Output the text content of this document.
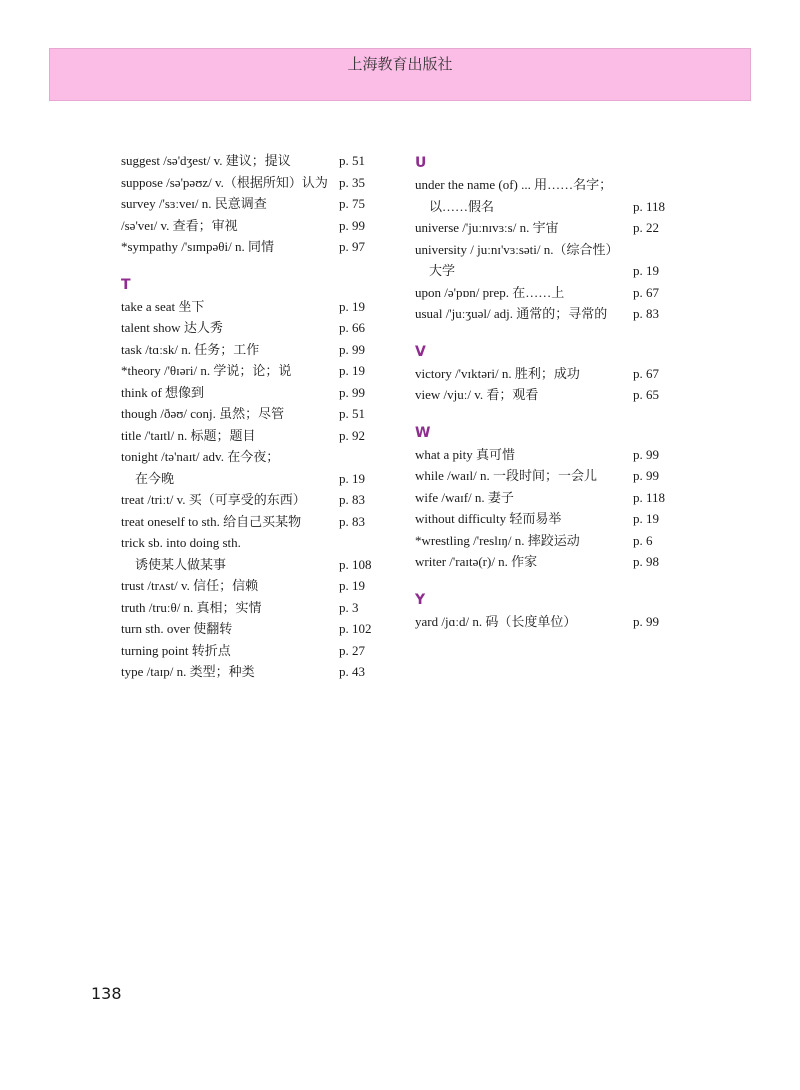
上海教育出版社
suggest /sə'dʒest/ v. 建议；提议	p. 51
suppose /sə'pəʊz/ v.（根据所知）认为 p. 35
survey /'sɜːveɪ/ n. 民意调查	p. 75
/sə'veɪ/ v. 查看；审视	p. 99
*sympathy /'sɪmpəθi/ n. 同情	p. 97
T
take a seat 坐下	p. 19
talent show 达人秀	p. 66
task /tɑːsk/ n. 任务；工作	p. 99
*theory /'θɪəri/ n. 学说；论；说	p. 19
think of 想像到	p. 99
though /ðəʊ/ conj. 虽然；尽管	p. 51
title /'taɪtl/ n. 标题；题目	p. 92
tonight /tə'naɪt/ adv. 在今夜；
在今晚	p. 19
treat /triːt/ v. 买（可享受的东西）	p. 83
treat oneself to sth. 给自己买某物	p. 83
trick sb. into doing sth.
诱使某人做某事	p. 108
trust /trʌst/ v. 信任；信赖	p. 19
truth /truːθ/ n. 真相；实情	p. 3
turn sth. over 使翻转	p. 102
turning point 转折点	p. 27
type /taɪp/ n. 类型；种类	p. 43
U
under the name (of) ... 用……名字；
以……假名	p. 118
universe /'juːnɪvɜːs/ n. 宇宙	p. 22
university / juːnɪ'vɜːsəti/ n.（综合性）
大学	p. 19
upon /ə'pɒn/ prep. 在……上	p. 67
usual /'juːʒuəl/ adj. 通常的；寻常的	p. 83
V
victory /'vɪktəri/ n. 胜利；成功	p. 67
view /vjuː/ v. 看；观看	p. 65
W
what a pity 真可惜	p. 99
while /waɪl/ n. 一段时间；一会儿	p. 99
wife /waɪf/ n. 妻子	p. 118
without difficulty 轻而易举	p. 19
*wrestling /'reslɪŋ/ n. 摔跤运动	p. 6
writer /'raɪtə(r)/ n. 作家	p. 98
Y
yard /jɑːd/ n. 码（长度单位）	p. 99
138
